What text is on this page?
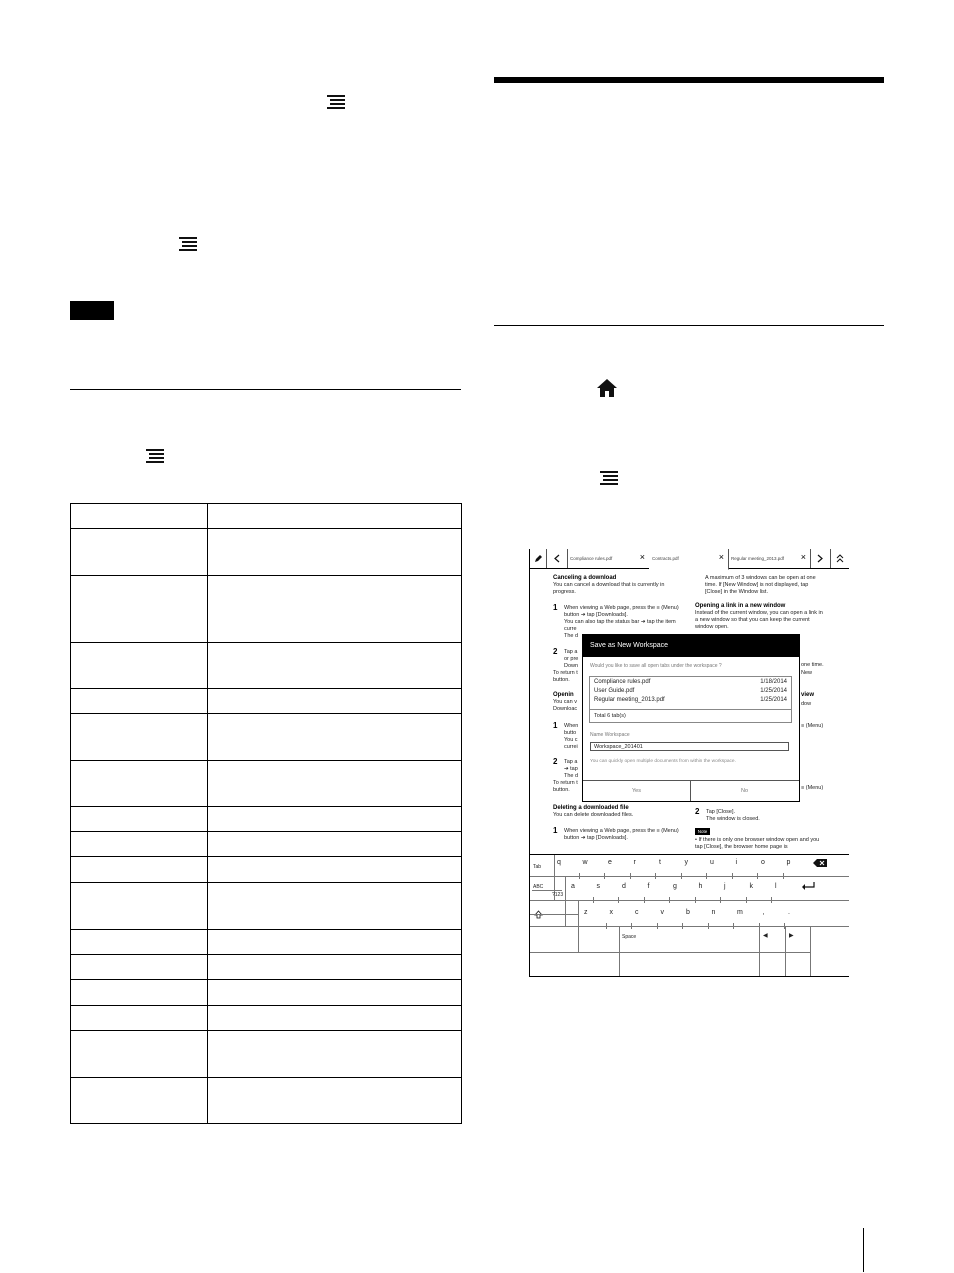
Compliance rules.pdf	× Contracts.pdf	× Regular meeting_2013.pdf ×
Canceling a download
You can cancel a download that is currently in
progress.
1 When viewing a Web page, press the ≡ (Menu)
button ➔ tap [Downloads].
You can also tap the status bar ➔ tap the item
curre
The d
2 Tap a
or pre
Down
To return t
button.
Openin
You can v
Downloac
1 When
butto
You c
currei
2 Tap a
➔ tap
The d
To return t
button.
Deleting a downloaded file
You can delete downloaded files.
1 When viewing a Web page, press the ≡ (Menu)
button ➔ tap [Downloads].
A maximum of 3 windows can be open at one
time. If [New Window] is not displayed, tap
[Close] in the Window list.
Opening a link in a new window
Instead of the current window, you can open a link in
a new window so that you can keep the current
window open.
one time.
New
view
dow
≡ (Menu)
≡ (Menu)
2 Tap [Close].
The window is closed.
Note
• If there is only one browser window open and you
tap [Close], the browser home page is
Save as New Workspace
Would you like to save all open tabs under the workspace ?
Compliance rules.pdf	1/18/2014
User Guide.pdf	1/25/2014
Regular meeting_2013.pdf	1/25/2014
Total 6 tab(s)
Name Workspace
Workspace_201401
You can quickly open multiple documents from within the workspace.
Yes	No
Tab
q	w	e	r	t	y	u	i	o	p
ABC
?123
a	s	d	f	g	h	j	k	l
z	x	c	v	b	n	m	,	.
Space	◀	▶
